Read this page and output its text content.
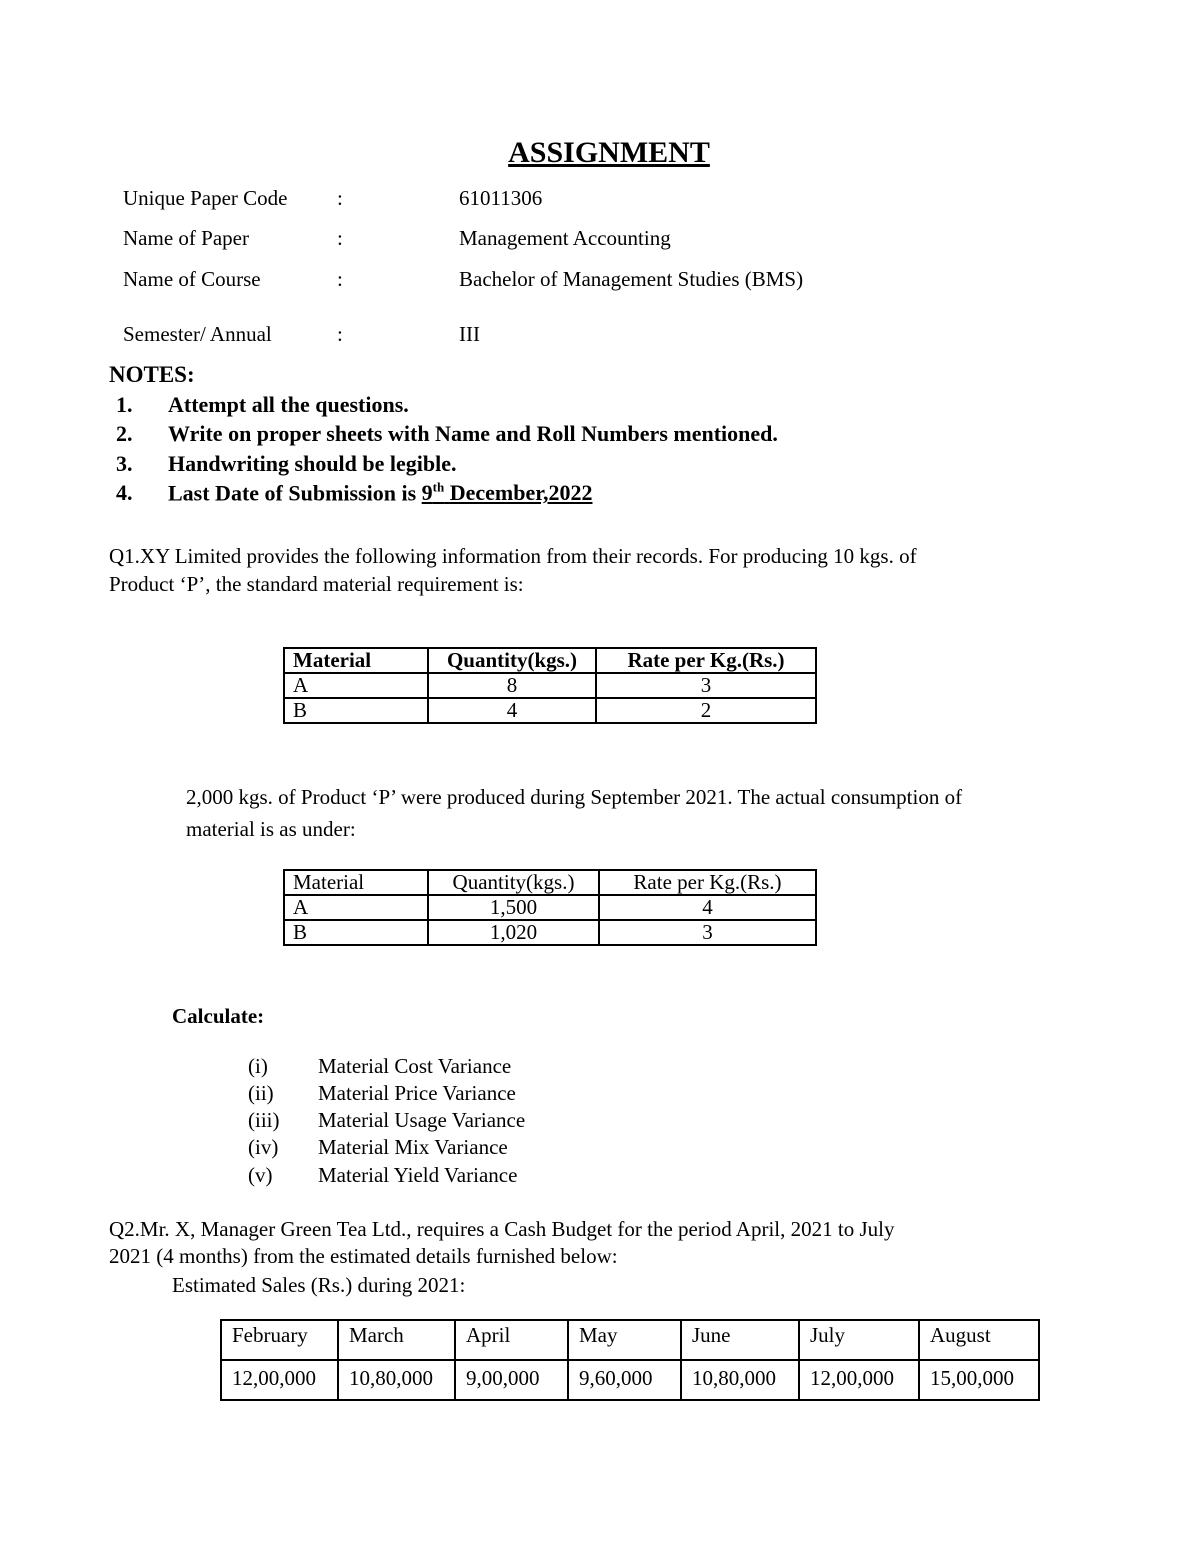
ASSIGNMENT
Unique Paper Code :	61011306
Name of Paper	:	Management Accounting
Name of Course	:	Bachelor of Management Studies (BMS)
Semester/ Annual	:	III
NOTES:
1. Attempt all the questions.
2. Write on proper sheets with Name and Roll Numbers mentioned.
3. Handwriting should be legible.
4. Last Date of Submission is 9th December,2022
Q1.XY Limited provides the following information from their records. For producing 10 kgs. of
Product ‘P’, the standard material requirement is:
Material	Quantity(kgs.)	Rate per Kg.(Rs.)
A	8	3
B	4	2
2,000 kgs. of Product ‘P’ were produced during September 2021. The actual consumption of
material is as under:
Material	Quantity(kgs.)	Rate per Kg.(Rs.)
A	1,500	4
B	1,020	3
Calculate:
(i) Material Cost Variance
(ii) Material Price Variance
(iii) Material Usage Variance
(iv) Material Mix Variance
(v) Material Yield Variance
Q2.Mr. X, Manager Green Tea Ltd., requires a Cash Budget for the period April, 2021 to July
2021 (4 months) from the estimated details furnished below:
Estimated Sales (Rs.) during 2021:
February	March	April	May	June	July	August
12,00,000	10,80,000	9,00,000	9,60,000	10,80,000	12,00,000	15,00,000
